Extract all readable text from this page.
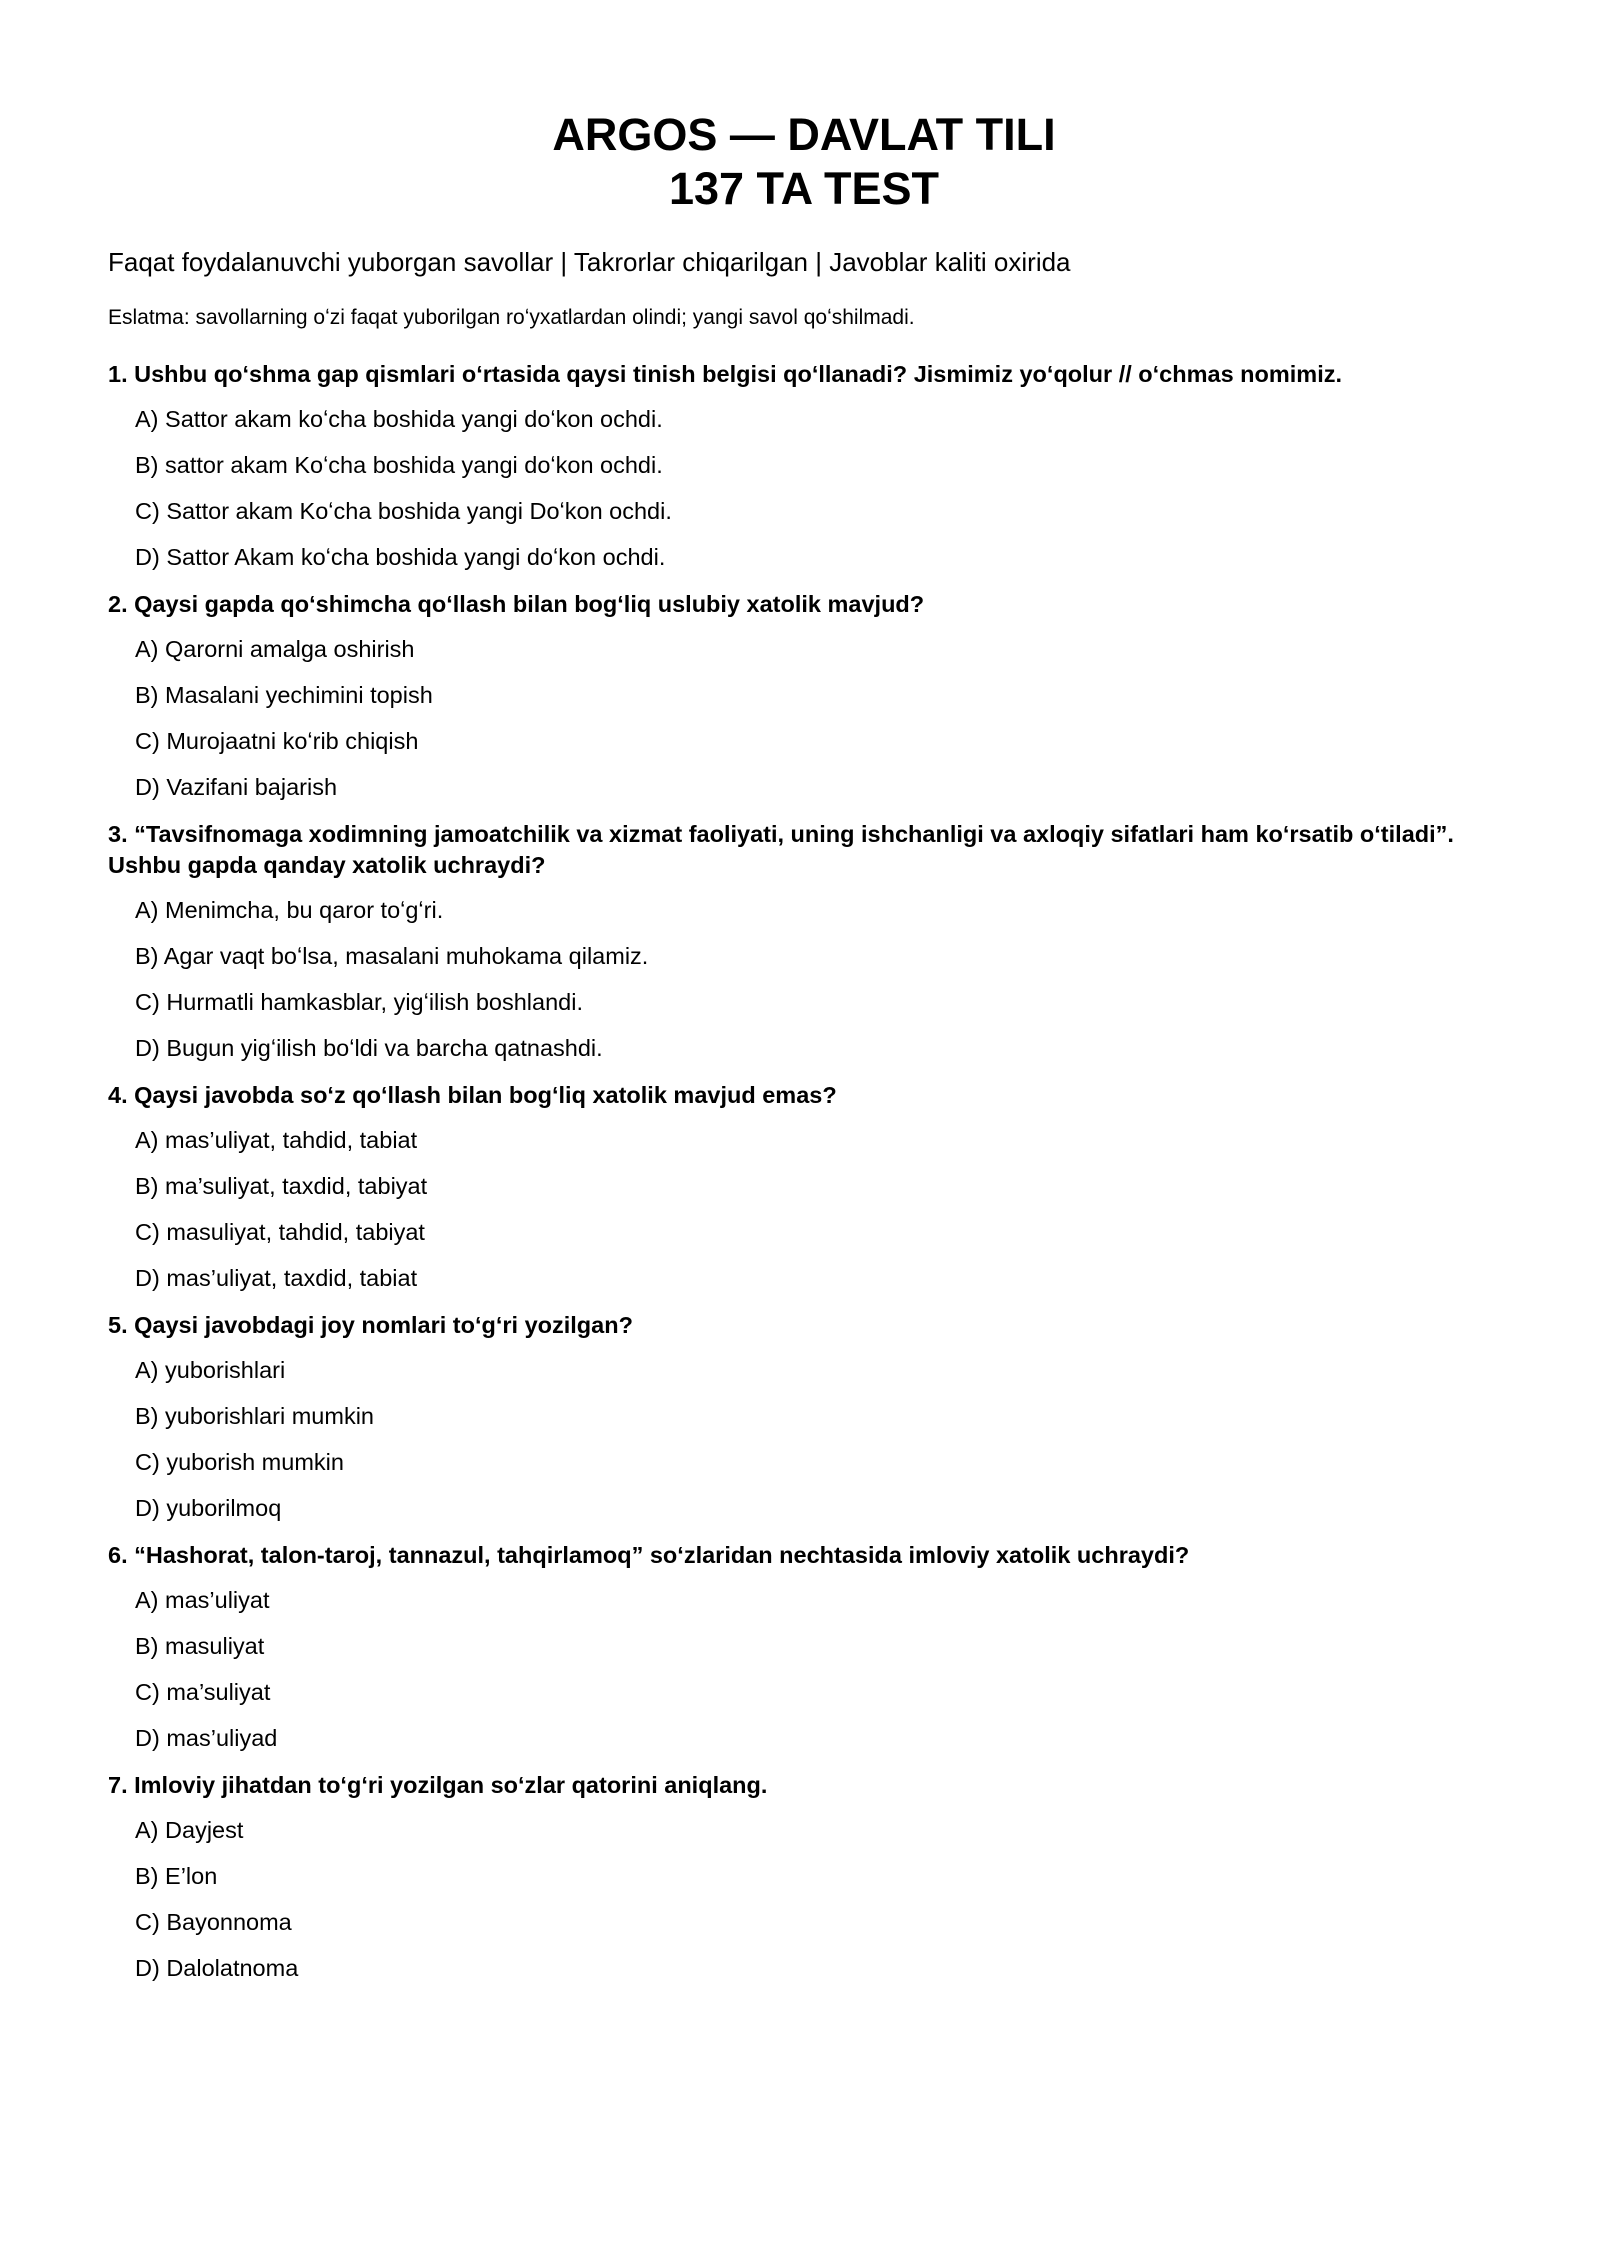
ARGOS — DAVLAT TILI
137 TA TEST
Faqat foydalanuvchi yuborgan savollar | Takrorlar chiqarilgan | Javoblar kaliti oxirida
Eslatma: savollarning oʻzi faqat yuborilgan roʻyxatlardan olindi; yangi savol qoʻshilmadi.

1. Ushbu qoʻshma gap qismlari oʻrtasida qaysi tinish belgisi qoʻllanadi? Jismimiz yoʻqolur // oʻchmas nomimiz.

A) Sattor akam koʻcha boshida yangi doʻkon ochdi.
B) sattor akam Koʻcha boshida yangi doʻkon ochdi.
C) Sattor akam Koʻcha boshida yangi Doʻkon ochdi.
D) Sattor Akam koʻcha boshida yangi doʻkon ochdi.

2. Qaysi gapda qoʻshimcha qoʻllash bilan bogʻliq uslubiy xatolik mavjud?

A) Qarorni amalga oshirish
B) Masalani yechimini topish
C) Murojaatni koʻrib chiqish
D) Vazifani bajarish

3. “Tavsifnomaga xodimning jamoatchilik va xizmat faoliyati, uning ishchanligi va axloqiy sifatlari ham koʻrsatib oʻtiladi”. Ushbu gapda qanday xatolik uchraydi?

A) Menimcha, bu qaror toʻgʻri.
B) Agar vaqt boʻlsa, masalani muhokama qilamiz.
C) Hurmatli hamkasblar, yigʻilish boshlandi.
D) Bugun yigʻilish boʻldi va barcha qatnashdi.

4. Qaysi javobda soʻz qoʻllash bilan bogʻliq xatolik mavjud emas?

A) mas’uliyat, tahdid, tabiat
B) ma’suliyat, taxdid, tabiyat
C) masuliyat, tahdid, tabiyat
D) mas’uliyat, taxdid, tabiat

5. Qaysi javobdagi joy nomlari toʻgʻri yozilgan?

A) yuborishlari
B) yuborishlari mumkin
C) yuborish mumkin
D) yuborilmoq

6. “Hashorat, talon-taroj, tannazul, tahqirlamoq” soʻzlaridan nechtasida imloviy xatolik uchraydi?

A) mas’uliyat
B) masuliyat
C) ma’suliyat
D) mas’uliyad

7. Imloviy jihatdan toʻgʻri yozilgan soʻzlar qatorini aniqlang.

A) Dayjest
B) E’lon
C) Bayonnoma
D) Dalolatnoma
